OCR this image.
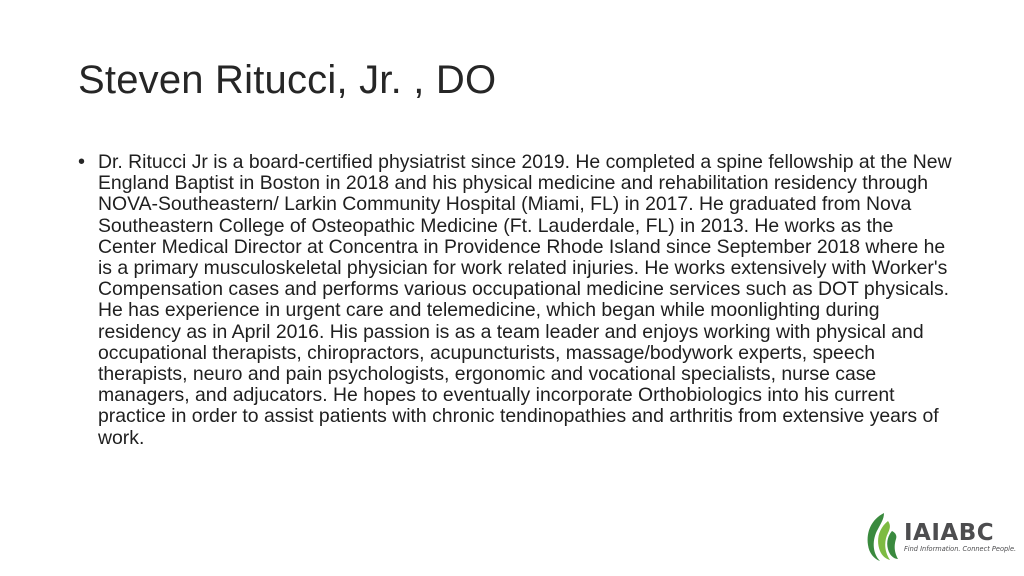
Steven Ritucci, Jr. , DO
• Dr. Ritucci Jr is a board-certified physiatrist since 2019. He completed a spine fellowship at the New England Baptist in Boston in 2018 and his physical medicine and rehabilitation residency through NOVA-Southeastern/ Larkin Community Hospital (Miami, FL) in 2017. He graduated from Nova Southeastern College of Osteopathic Medicine (Ft. Lauderdale, FL) in 2013. He works as the Center Medical Director at Concentra in Providence Rhode Island since September 2018 where he is a primary musculoskeletal physician for work related injuries. He works extensively with Worker's Compensation cases and performs various occupational medicine services such as DOT physicals. He has experience in urgent care and telemedicine, which began while moonlighting during residency as in April 2016. His passion is as a team leader and enjoys working with physical and occupational therapists, chiropractors, acupuncturists, massage/bodywork experts, speech therapists, neuro and pain psychologists, ergonomic and vocational specialists, nurse case managers, and adjucators. He hopes to eventually incorporate Orthobiologics into his current practice in order to assist patients with chronic tendinopathies and arthritis from extensive years of work.

IAIABC
Find Information. Connect People.
